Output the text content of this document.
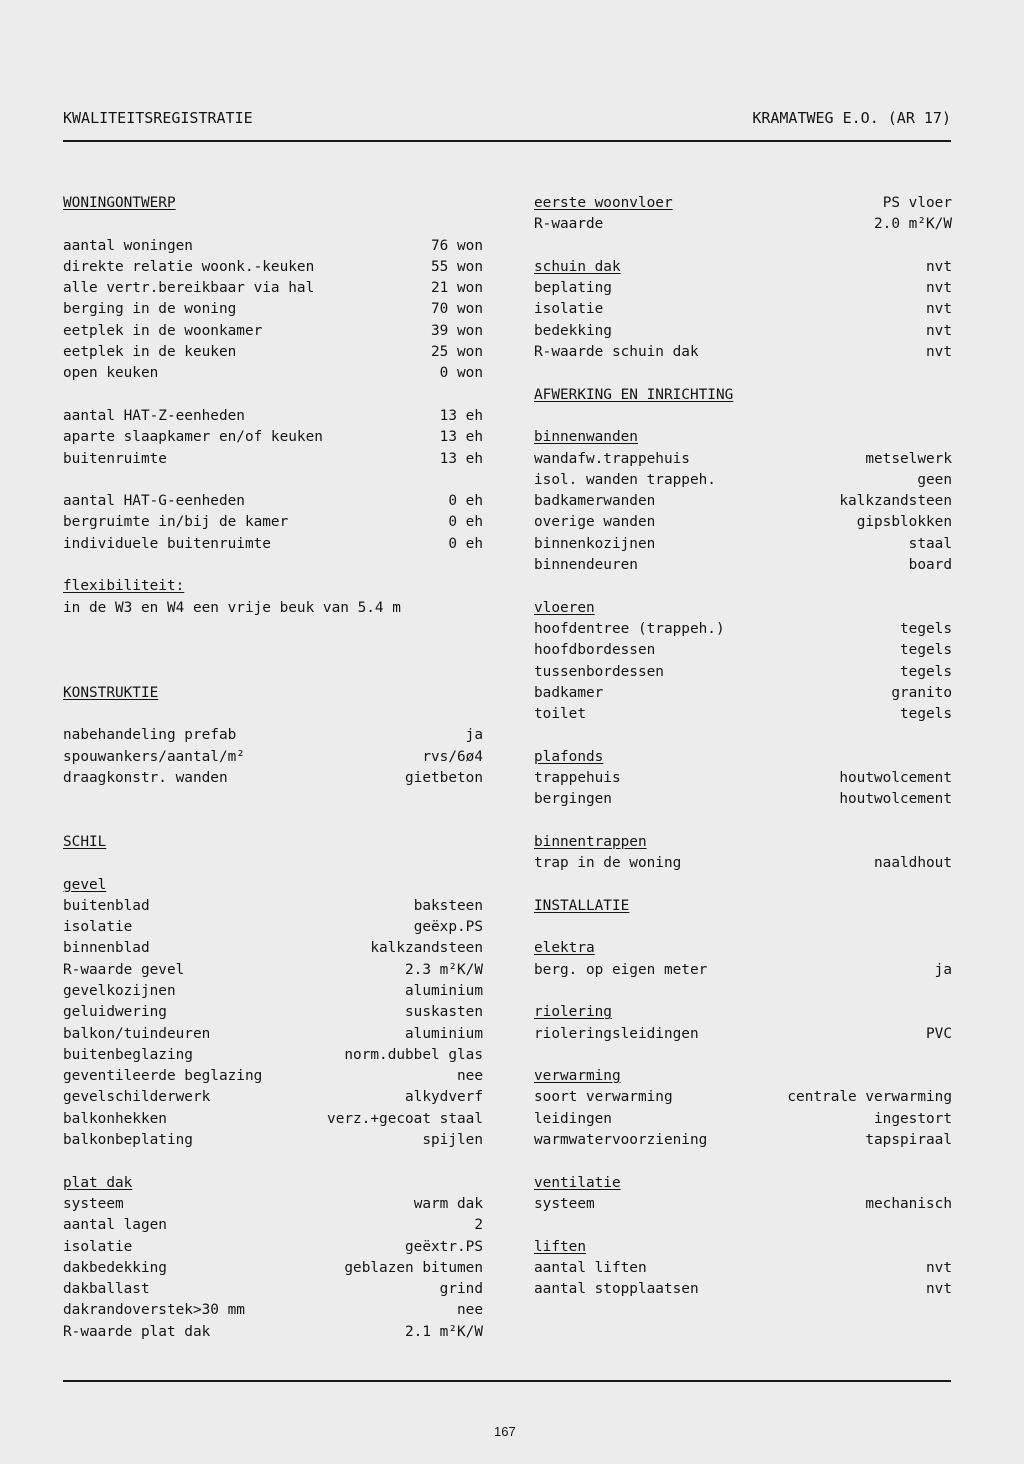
KWALITEITSREGISTRATIE	KRAMATWEG E.O. (AR 17)
WONINGONTWERP
aantal woningen	76 won
direkte relatie woonk.-keuken	55 won
alle vertr.bereikbaar via hal	21 won
berging in de woning	70 won
eetplek in de woonkamer	39 won
eetplek in de keuken	25 won
open keuken	0 won
aantal HAT-Z-eenheden	13 eh
aparte slaapkamer en/of keuken	13 eh
buitenruimte	13 eh
aantal HAT-G-eenheden	0 eh
bergruimte in/bij de kamer	0 eh
individuele buitenruimte	0 eh
flexibiliteit:
in de W3 en W4 een vrije beuk van 5.4 m
KONSTRUKTIE
nabehandeling prefab	ja
spouwankers/aantal/m²	rvs/6ø4
draagkonstr. wanden	gietbeton
SCHIL
gevel
buitenblad	baksteen
isolatie	geëxp.PS
binnenblad	kalkzandsteen
R-waarde gevel	2.3 m²K/W
gevelkozijnen	aluminium
geluidwering	suskasten
balkon/tuindeuren	aluminium
buitenbeglazing	norm.dubbel glas
geventileerde beglazing	nee
gevelschilderwerk	alkydverf
balkonhekken	verz.+gecoat staal
balkonbeplating	spijlen
plat dak
systeem	warm dak
aantal lagen	2
isolatie	geëxtr.PS
dakbedekking	geblazen bitumen
dakballast	grind
dakrandoverstek>30 mm	nee
R-waarde plat dak	2.1 m²K/W
eerste woonvloer	PS vloer
R-waarde	2.0 m²K/W
schuin dak	nvt
beplating	nvt
isolatie	nvt
bedekking	nvt
R-waarde schuin dak	nvt
AFWERKING EN INRICHTING
binnenwanden
wandafw.trappehuis	metselwerk
isol. wanden trappeh.	geen
badkamerwanden	kalkzandsteen
overige wanden	gipsblokken
binnenkozijnen	staal
binnendeuren	board
vloeren
hoofdentree (trappeh.)	tegels
hoofdbordessen	tegels
tussenbordessen	tegels
badkamer	granito
toilet	tegels
plafonds
trappehuis	houtwolcement
bergingen	houtwolcement
binnentrappen
trap in de woning	naaldhout
INSTALLATIE
elektra
berg. op eigen meter	ja
riolering
rioleringsleidingen	PVC
verwarming
soort verwarming	centrale verwarming
leidingen	ingestort
warmwatervoorziening	tapspiraal
ventilatie
systeem	mechanisch
liften
aantal liften	nvt
aantal stopplaatsen	nvt
167
